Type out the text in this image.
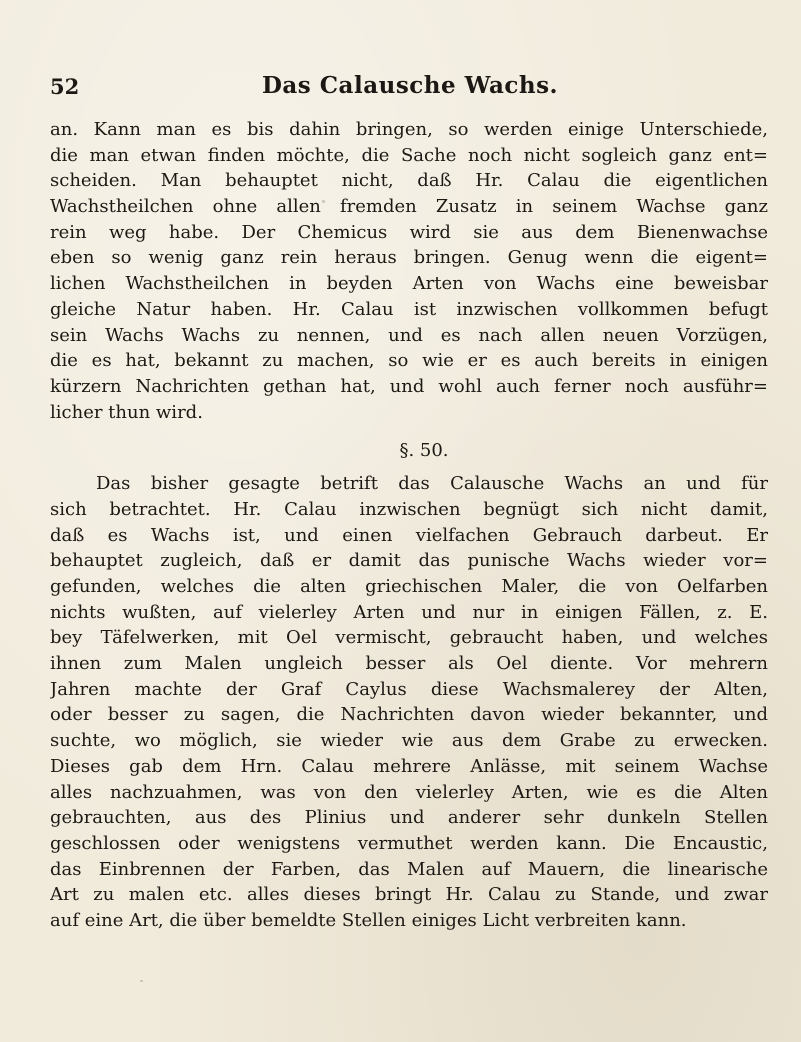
52	Das Calausche Wachs.
an. Kann man es bis dahin bringen, so werden einige Unterschiede,
die man etwan finden möchte, die Sache noch nicht sogleich ganz ent=
scheiden. Man behauptet nicht, daß Hr. Calau die eigentlichen
Wachstheilchen ohne allen fremden Zusatz in seinem Wachse ganz
rein weg habe. Der Chemicus wird sie aus dem Bienenwachse
eben so wenig ganz rein heraus bringen. Genug wenn die eigent=
lichen Wachstheilchen in beyden Arten von Wachs eine beweisbar
gleiche Natur haben. Hr. Calau ist inzwischen vollkommen befugt
sein Wachs Wachs zu nennen, und es nach allen neuen Vorzügen,
die es hat, bekannt zu machen, so wie er es auch bereits in einigen
kürzern Nachrichten gethan hat, und wohl auch ferner noch ausführ=
licher thun wird.
§. 50.
Das bisher gesagte betrift das Calausche Wachs an und für
sich betrachtet. Hr. Calau inzwischen begnügt sich nicht damit,
daß es Wachs ist, und einen vielfachen Gebrauch darbeut. Er
behauptet zugleich, daß er damit das punische Wachs wieder vor=
gefunden, welches die alten griechischen Maler, die von Oelfarben
nichts wußten, auf vielerley Arten und nur in einigen Fällen, z. E.
bey Täfelwerken, mit Oel vermischt, gebraucht haben, und welches
ihnen zum Malen ungleich besser als Oel diente. Vor mehrern
Jahren machte der Graf Caylus diese Wachsmalerey der Alten,
oder besser zu sagen, die Nachrichten davon wieder bekannter, und
suchte, wo möglich, sie wieder wie aus dem Grabe zu erwecken.
Dieses gab dem Hrn. Calau mehrere Anlässe, mit seinem Wachse
alles nachzuahmen, was von den vielerley Arten, wie es die Alten
gebrauchten, aus des Plinius und anderer sehr dunkeln Stellen
geschlossen oder wenigstens vermuthet werden kann. Die Encaustic,
das Einbrennen der Farben, das Malen auf Mauern, die linearische
Art zu malen etc. alles dieses bringt Hr. Calau zu Stande, und zwar
auf eine Art, die über bemeldte Stellen einiges Licht verbreiten kann.
